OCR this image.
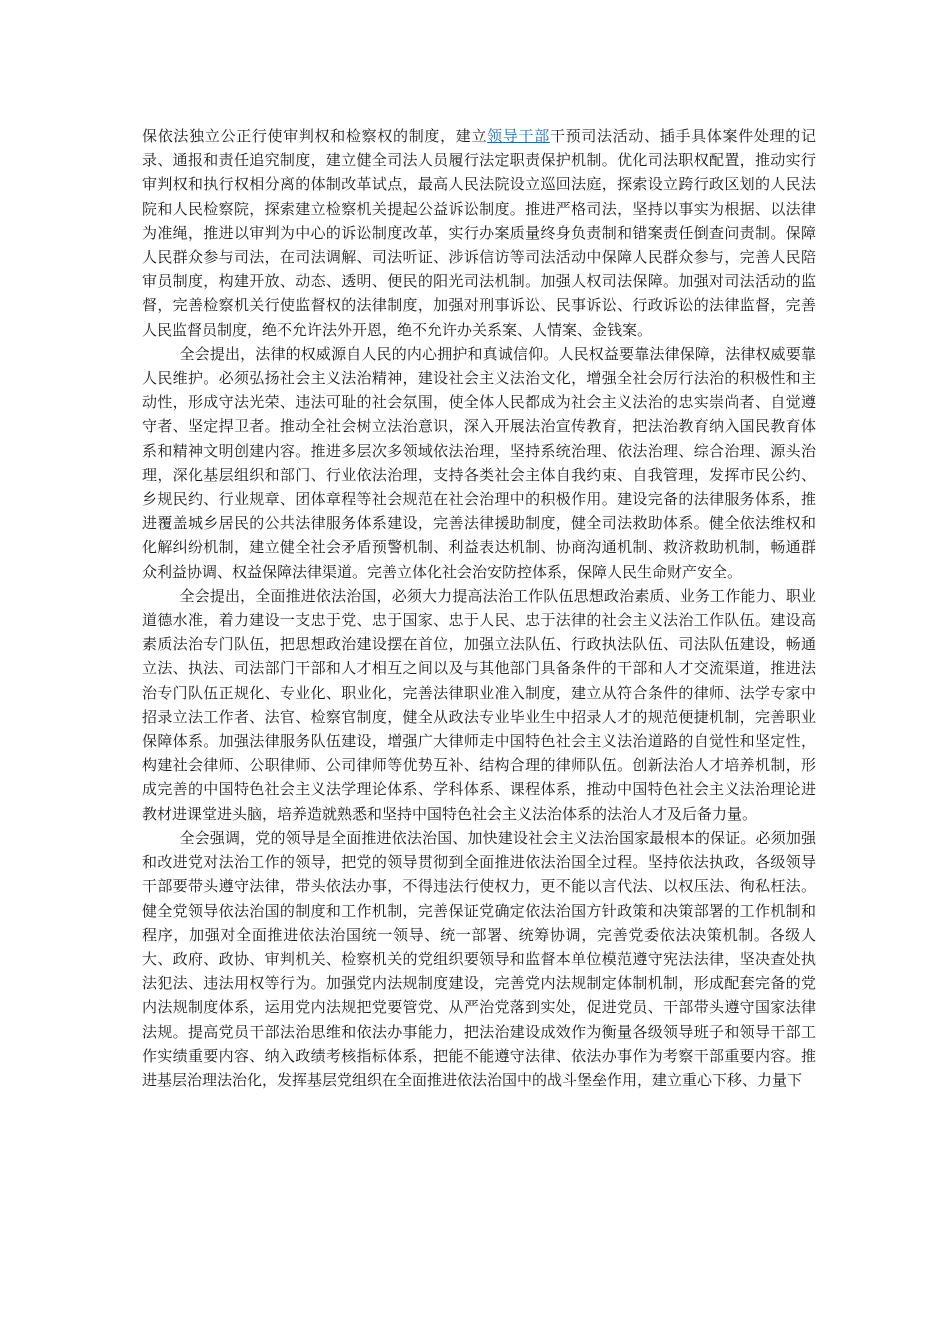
保依法独立公正行使审判权和检察权的制度，建立领导干部干预司法活动、插手具体案件处理的记录、通报和责任追究制度，建立健全司法人员履行法定职责保护机制。优化司法职权配置，推动实行审判权和执行权相分离的体制改革试点，最高人民法院设立巡回法庭，探索设立跨行政区划的人民法院和人民检察院，探索建立检察机关提起公益诉讼制度。推进严格司法，坚持以事实为根据、以法律为准绳，推进以审判为中心的诉讼制度改革，实行办案质量终身负责制和错案责任倒查问责制。保障人民群众参与司法，在司法调解、司法听证、涉诉信访等司法活动中保障人民群众参与，完善人民陪审员制度，构建开放、动态、透明、便民的阳光司法机制。加强人权司法保障。加强对司法活动的监督，完善检察机关行使监督权的法律制度，加强对刑事诉讼、民事诉讼、行政诉讼的法律监督，完善人民监督员制度，绝不允许法外开恩，绝不允许办关系案、人情案、金钱案。

全会提出，法律的权威源自人民的内心拥护和真诚信仰。人民权益要靠法律保障，法律权威要靠人民维护。必须弘扬社会主义法治精神，建设社会主义法治文化，增强全社会厉行法治的积极性和主动性，形成守法光荣、违法可耻的社会氛围，使全体人民都成为社会主义法治的忠实崇尚者、自觉遵守者、坚定捍卫者。推动全社会树立法治意识，深入开展法治宣传教育，把法治教育纳入国民教育体系和精神文明创建内容。推进多层次多领域依法治理，坚持系统治理、依法治理、综合治理、源头治理，深化基层组织和部门、行业依法治理，支持各类社会主体自我约束、自我管理，发挥市民公约、乡规民约、行业规章、团体章程等社会规范在社会治理中的积极作用。建设完备的法律服务体系，推进覆盖城乡居民的公共法律服务体系建设，完善法律援助制度，健全司法救助体系。健全依法维权和化解纠纷机制，建立健全社会矛盾预警机制、利益表达机制、协商沟通机制、救济救助机制，畅通群众利益协调、权益保障法律渠道。完善立体化社会治安防控体系，保障人民生命财产安全。

全会提出，全面推进依法治国，必须大力提高法治工作队伍思想政治素质、业务工作能力、职业道德水准，着力建设一支忠于党、忠于国家、忠于人民、忠于法律的社会主义法治工作队伍。建设高素质法治专门队伍，把思想政治建设摆在首位，加强立法队伍、行政执法队伍、司法队伍建设，畅通立法、执法、司法部门干部和人才相互之间以及与其他部门具备条件的干部和人才交流渠道，推进法治专门队伍正规化、专业化、职业化，完善法律职业准入制度，建立从符合条件的律师、法学专家中招录立法工作者、法官、检察官制度，健全从政法专业毕业生中招录人才的规范便捷机制，完善职业保障体系。加强法律服务队伍建设，增强广大律师走中国特色社会主义法治道路的自觉性和坚定性，构建社会律师、公职律师、公司律师等优势互补、结构合理的律师队伍。创新法治人才培养机制，形成完善的中国特色社会主义法学理论体系、学科体系、课程体系，推动中国特色社会主义法治理论进教材进课堂进头脑，培养造就熟悉和坚持中国特色社会主义法治体系的法治人才及后备力量。

全会强调，党的领导是全面推进依法治国、加快建设社会主义法治国家最根本的保证。必须加强和改进党对法治工作的领导，把党的领导贯彻到全面推进依法治国全过程。坚持依法执政，各级领导干部要带头遵守法律，带头依法办事，不得违法行使权力，更不能以言代法、以权压法、徇私枉法。健全党领导依法治国的制度和工作机制，完善保证党确定依法治国方针政策和决策部署的工作机制和程序，加强对全面推进依法治国统一领导、统一部署、统筹协调，完善党委依法决策机制。各级人大、政府、政协、审判机关、检察机关的党组织要领导和监督本单位模范遵守宪法法律，坚决查处执法犯法、违法用权等行为。加强党内法规制度建设，完善党内法规制定体制机制，形成配套完备的党内法规制度体系，运用党内法规把党要管党、从严治党落到实处，促进党员、干部带头遵守国家法律法规。提高党员干部法治思维和依法办事能力，把法治建设成效作为衡量各级领导班子和领导干部工作实绩重要内容、纳入政绩考核指标体系，把能不能遵守法律、依法办事作为考察干部重要内容。推进基层治理法治化，发挥基层党组织在全面推进依法治国中的战斗堡垒作用，建立重心下移、力量下
